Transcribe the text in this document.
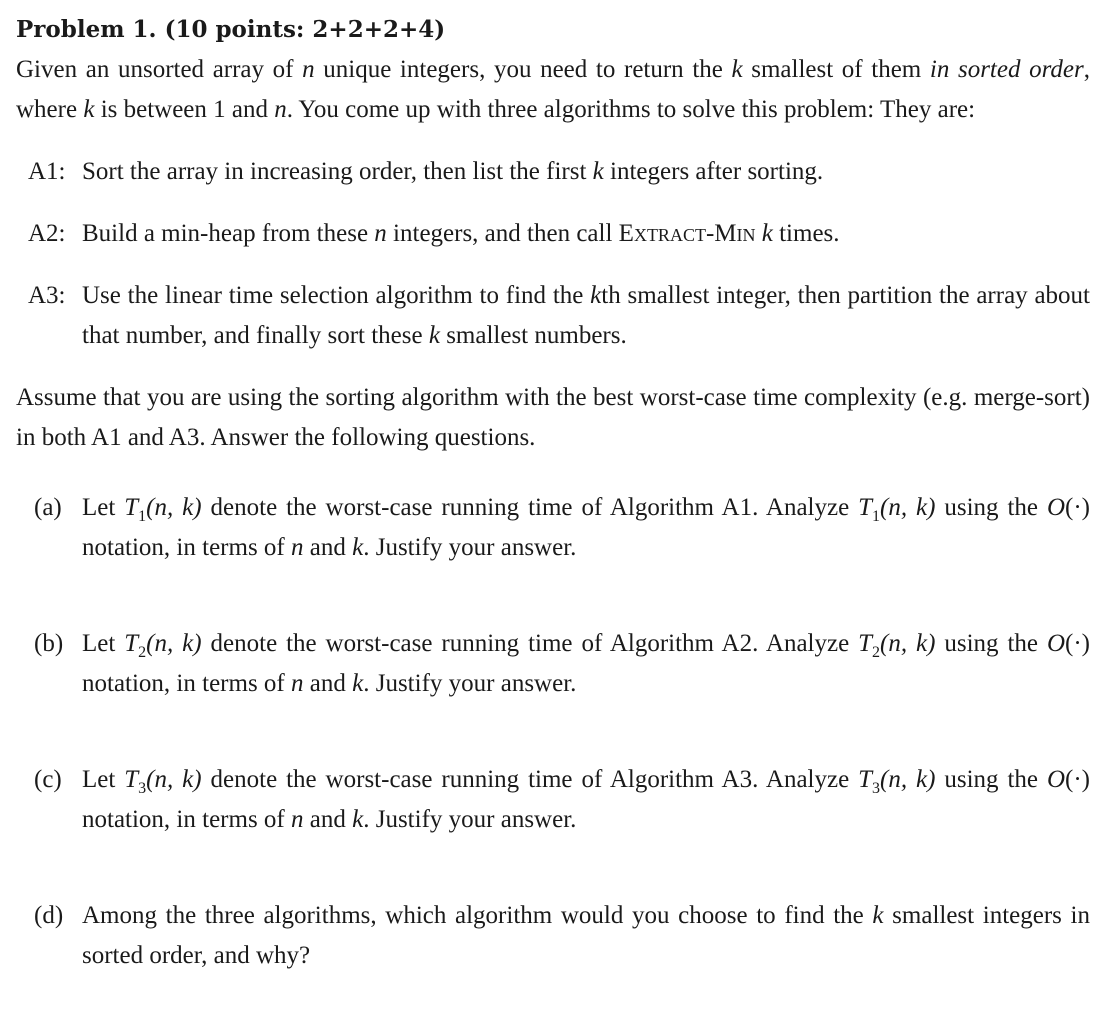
Problem 1. (10 points: 2+2+2+4)

Given an unsorted array of n unique integers, you need to return the k smallest of them in sorted order, where k is between 1 and n. You come up with three algorithms to solve this problem: They are:

A1: Sort the array in increasing order, then list the first k integers after sorting.

A2: Build a min-heap from these n integers, and then call Extract-Min k times.

A3: Use the linear time selection algorithm to find the kth smallest integer, then partition the array about that number, and finally sort these k smallest numbers.

Assume that you are using the sorting algorithm with the best worst-case time complexity (e.g. merge-sort) in both A1 and A3. Answer the following questions.

(a) Let $T_1(n$, k) denote the worst-case running time of Algorithm A1. Analyze $T_1(n$, k) using the O(·) notation, in terms of n and k. Justify your answer.

(b) Let $T_2(n$, k) denote the worst-case running time of Algorithm A2. Analyze $T_2(n$, k) using the O(·) notation, in terms of n and k. Justify your answer.

(c) Let $T_3(n$, k) denote the worst-case running time of Algorithm A3. Analyze $T_3(n$, k) using the O(·) notation, in terms of n and k. Justify your answer.

(d) Among the three algorithms, which algorithm would you choose to find the k smallest integers in sorted order, and why?
